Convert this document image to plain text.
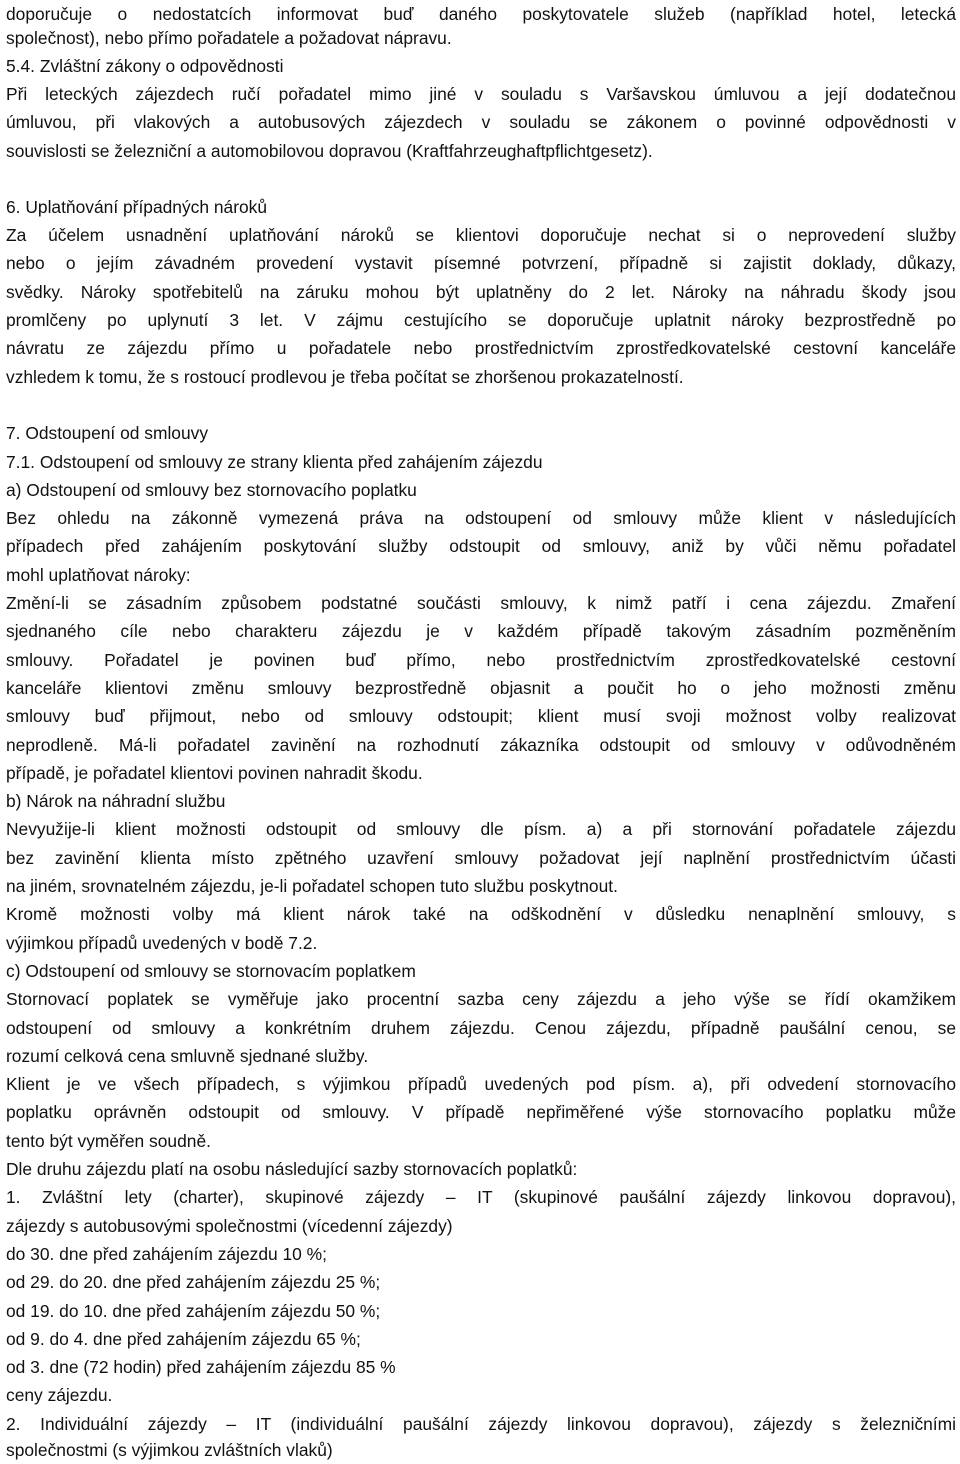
doporučuje o nedostatcích informovat buď daného poskytovatele služeb (například hotel, letecká
společnost), nebo přímo pořadatele a požadovat nápravu.
5.4. Zvláštní zákony o odpovědnosti
Při leteckých zájezdech ručí pořadatel mimo jiné v souladu s Varšavskou úmluvou a její dodatečnou
úmluvou, při vlakových a autobusových zájezdech v souladu se zákonem o povinné odpovědnosti v
souvislosti se železniční a automobilovou dopravou (Kraftfahrzeughaftpflichtgesetz).
6. Uplatňování případných nároků
Za účelem usnadnění uplatňování nároků se klientovi doporučuje nechat si o neprovedení služby
nebo o jejím závadném provedení vystavit písemné potvrzení, případně si zajistit doklady, důkazy,
svědky. Nároky spotřebitelů na záruku mohou být uplatněny do 2 let. Nároky na náhradu škody jsou
promlčeny po uplynutí 3 let. V zájmu cestujícího se doporučuje uplatnit nároky bezprostředně po
návratu ze zájezdu přímo u pořadatele nebo prostřednictvím zprostředkovatelské cestovní kanceláře
vzhledem k tomu, že s rostoucí prodlevou je třeba počítat se zhoršenou prokazatelností.
7. Odstoupení od smlouvy
7.1. Odstoupení od smlouvy ze strany klienta před zahájením zájezdu
a) Odstoupení od smlouvy bez stornovacího poplatku
Bez ohledu na zákonně vymezená práva na odstoupení od smlouvy může klient v následujících
případech před zahájením poskytování služby odstoupit od smlouvy, aniž by vůči němu pořadatel
mohl uplatňovat nároky:
Změní-li se zásadním způsobem podstatné součásti smlouvy, k nimž patří i cena zájezdu. Zmaření
sjednaného cíle nebo charakteru zájezdu je v každém případě takovým zásadním pozměněním
smlouvy. Pořadatel je povinen buď přímo, nebo prostřednictvím zprostředkovatelské cestovní
kanceláře klientovi změnu smlouvy bezprostředně objasnit a poučit ho o jeho možnosti změnu
smlouvy buď přijmout, nebo od smlouvy odstoupit; klient musí svoji možnost volby realizovat
neprodleně. Má-li pořadatel zavinění na rozhodnutí zákazníka odstoupit od smlouvy v odůvodněném
případě, je pořadatel klientovi povinen nahradit škodu.
b) Nárok na náhradní službu
Nevyužije-li klient možnosti odstoupit od smlouvy dle písm. a) a při stornování pořadatele zájezdu
bez zavinění klienta místo zpětného uzavření smlouvy požadovat její naplnění prostřednictvím účasti
na jiném, srovnatelném zájezdu, je-li pořadatel schopen tuto službu poskytnout.
Kromě možnosti volby má klient nárok také na odškodnění v důsledku nenaplnění smlouvy, s
výjimkou případů uvedených v bodě 7.2.
c) Odstoupení od smlouvy se stornovacím poplatkem
Stornovací poplatek se vyměřuje jako procentní sazba ceny zájezdu a jeho výše se řídí okamžikem
odstoupení od smlouvy a konkrétním druhem zájezdu. Cenou zájezdu, případně paušální cenou, se
rozumí celková cena smluvně sjednané služby.
Klient je ve všech případech, s výjimkou případů uvedených pod písm. a), při odvedení stornovacího
poplatku oprávněn odstoupit od smlouvy. V případě nepřiměřené výše stornovacího poplatku může
tento být vyměřen soudně.
Dle druhu zájezdu platí na osobu následující sazby stornovacích poplatků:
1. Zvláštní lety (charter), skupinové zájezdy – IT (skupinové paušální zájezdy linkovou dopravou),
zájezdy s autobusovými společnostmi (vícedenní zájezdy)
do 30. dne před zahájením zájezdu 10 %;
od 29. do 20. dne před zahájením zájezdu 25 %;
od 19. do 10. dne před zahájením zájezdu 50 %;
od 9. do 4. dne před zahájením zájezdu 65 %;
od 3. dne (72 hodin) před zahájením zájezdu 85 %
ceny zájezdu.
2. Individuální zájezdy – IT (individuální paušální zájezdy linkovou dopravou), zájezdy s železničními
společnostmi (s výjimkou zvláštních vlaků)
